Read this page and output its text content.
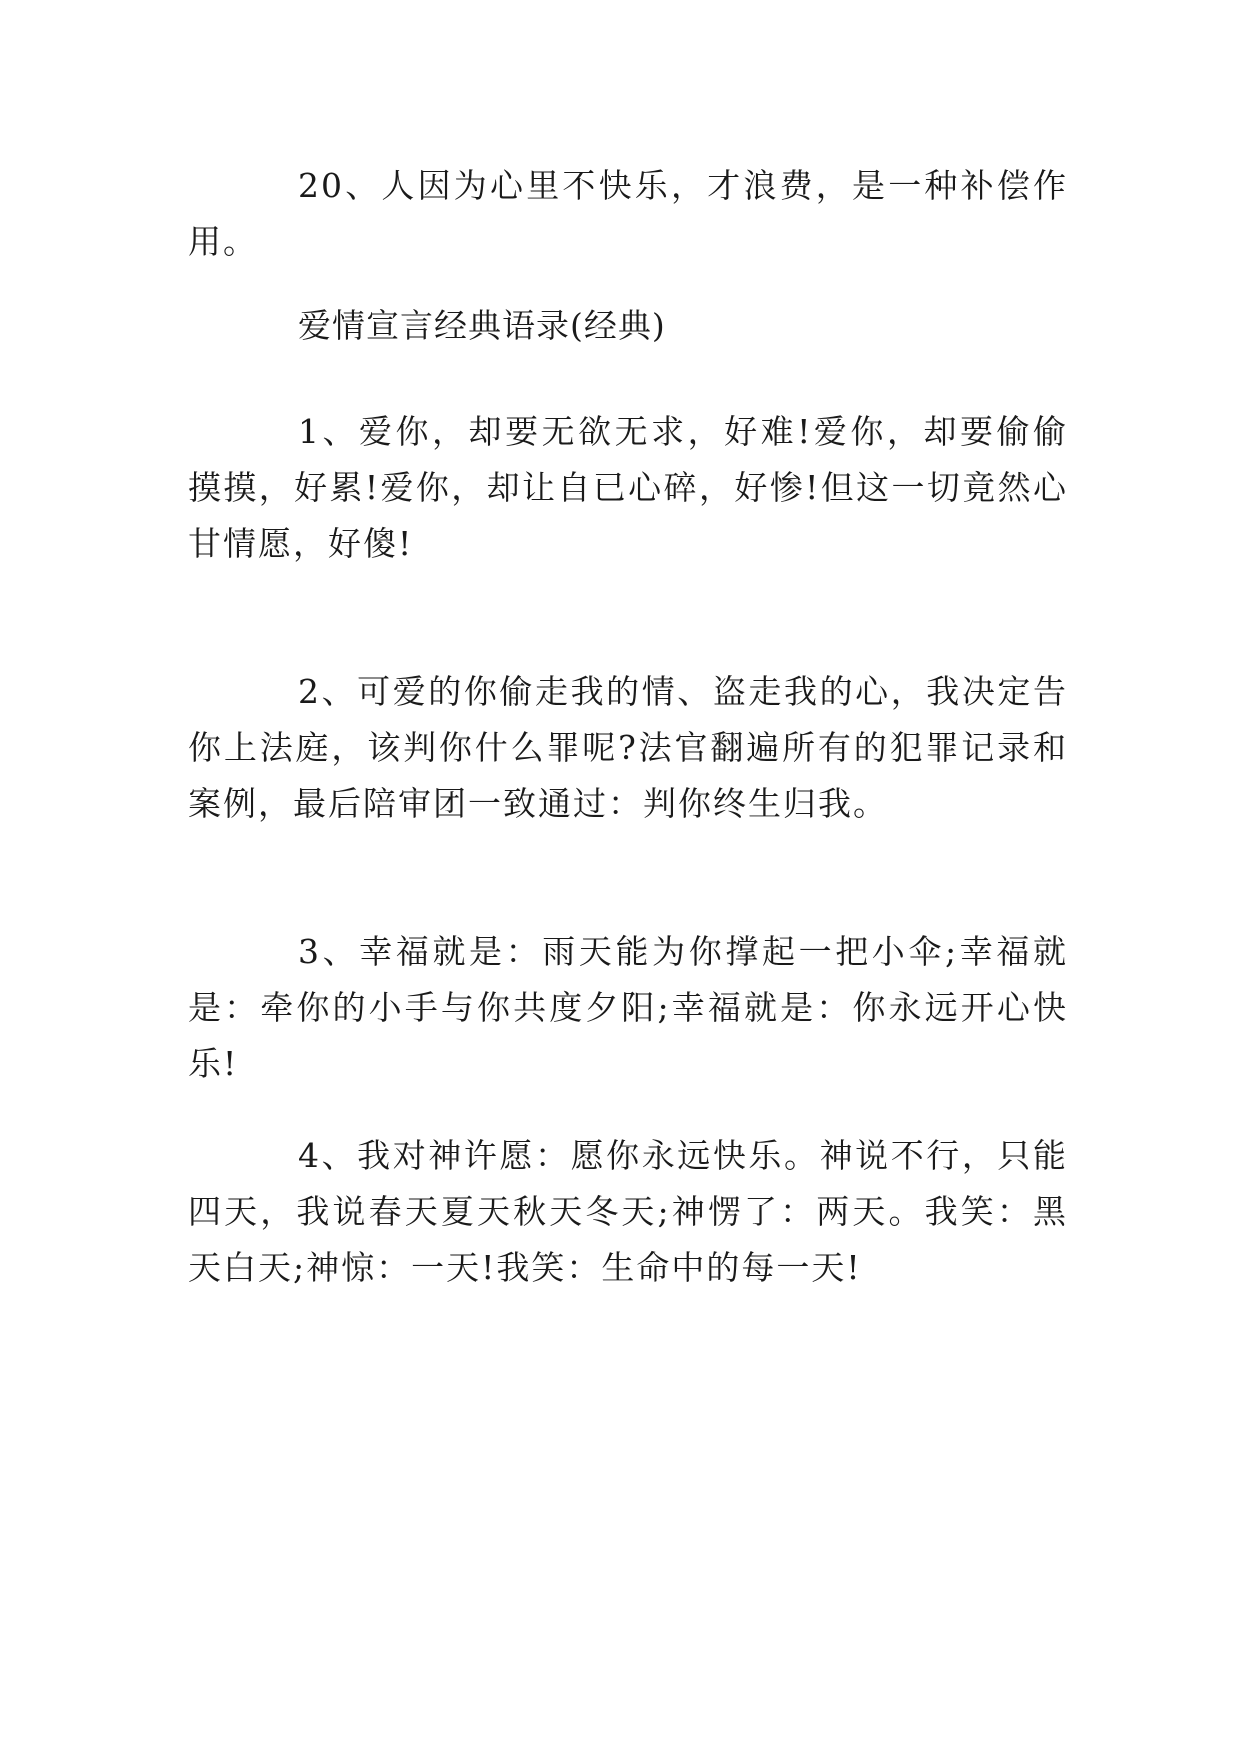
20、人因为心里不快乐，才浪费，是一种补偿作用。

爱情宣言经典语录(经典)

1、爱你，却要无欲无求，好难!爱你，却要偷偷摸摸，好累!爱你，却让自已心碎，好惨!但这一切竟然心甘情愿，好傻!

2、可爱的你偷走我的情、盗走我的心，我决定告你上法庭，该判你什么罪呢?法官翻遍所有的犯罪记录和案例，最后陪审团一致通过：判你终生归我。

3、幸福就是：雨天能为你撑起一把小伞;幸福就是：牵你的小手与你共度夕阳;幸福就是：你永远开心快乐!

4、我对神许愿：愿你永远快乐。神说不行，只能四天，我说春天夏天秋天冬天;神愣了：两天。我笑：黑天白天;神惊：一天!我笑：生命中的每一天!
